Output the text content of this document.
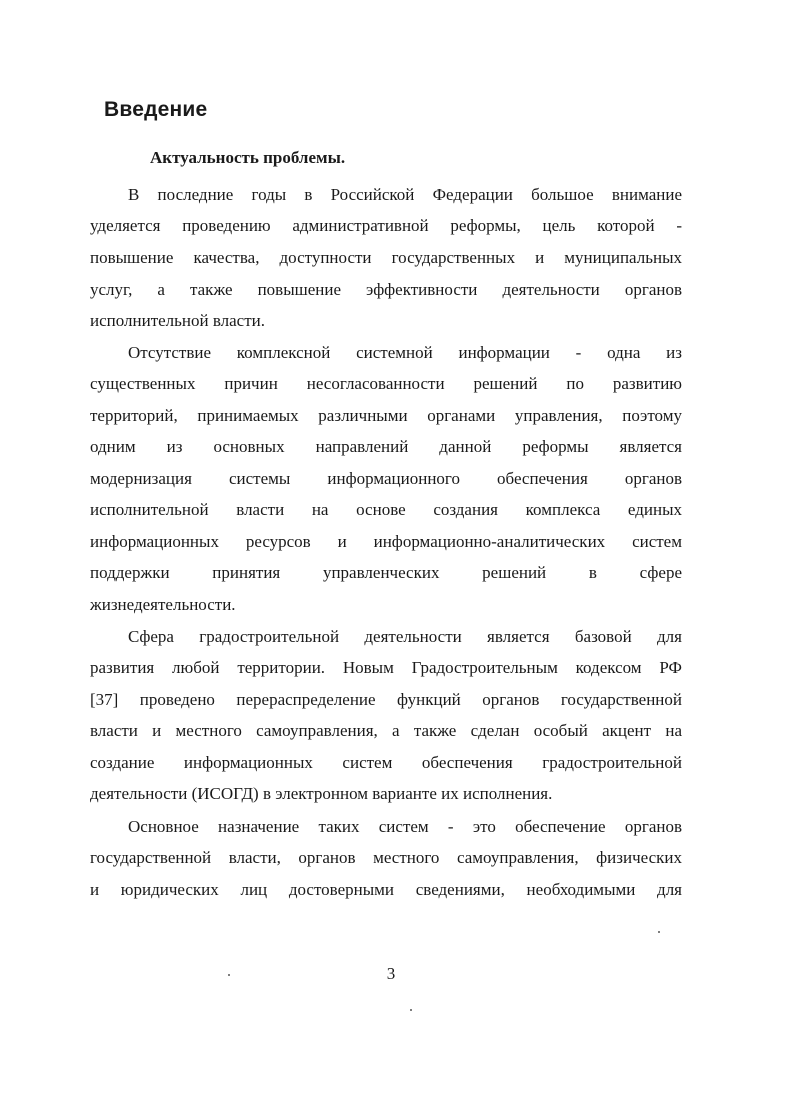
Введение
Актуальность проблемы.
В последние годы в Российской Федерации большое внимание
уделяется проведению административной реформы, цель которой -
повышение качества, доступности государственных и муниципальных
услуг, а также повышение эффективности деятельности органов
исполнительной власти.
Отсутствие комплексной системной информации - одна из
существенных причин несогласованности решений по развитию
территорий, принимаемых различными органами управления, поэтому
одним из основных направлений данной реформы является
модернизация системы информационного обеспечения органов
исполнительной власти на основе создания комплекса единых
информационных ресурсов и информационно-аналитических систем
поддержки принятия управленческих решений в сфере
жизнедеятельности.
Сфера градостроительной деятельности является базовой для
развития любой территории. Новым Градостроительным кодексом РФ
[37] проведено перераспределение функций органов государственной
власти и местного самоуправления, а также сделан особый акцент на
создание информационных систем обеспечения градостроительной
деятельности (ИСОГД) в электронном варианте их исполнения.
Основное назначение таких систем - это обеспечение органов
государственной власти, органов местного самоуправления, физических
и юридических лиц достоверными сведениями, необходимыми для
3
